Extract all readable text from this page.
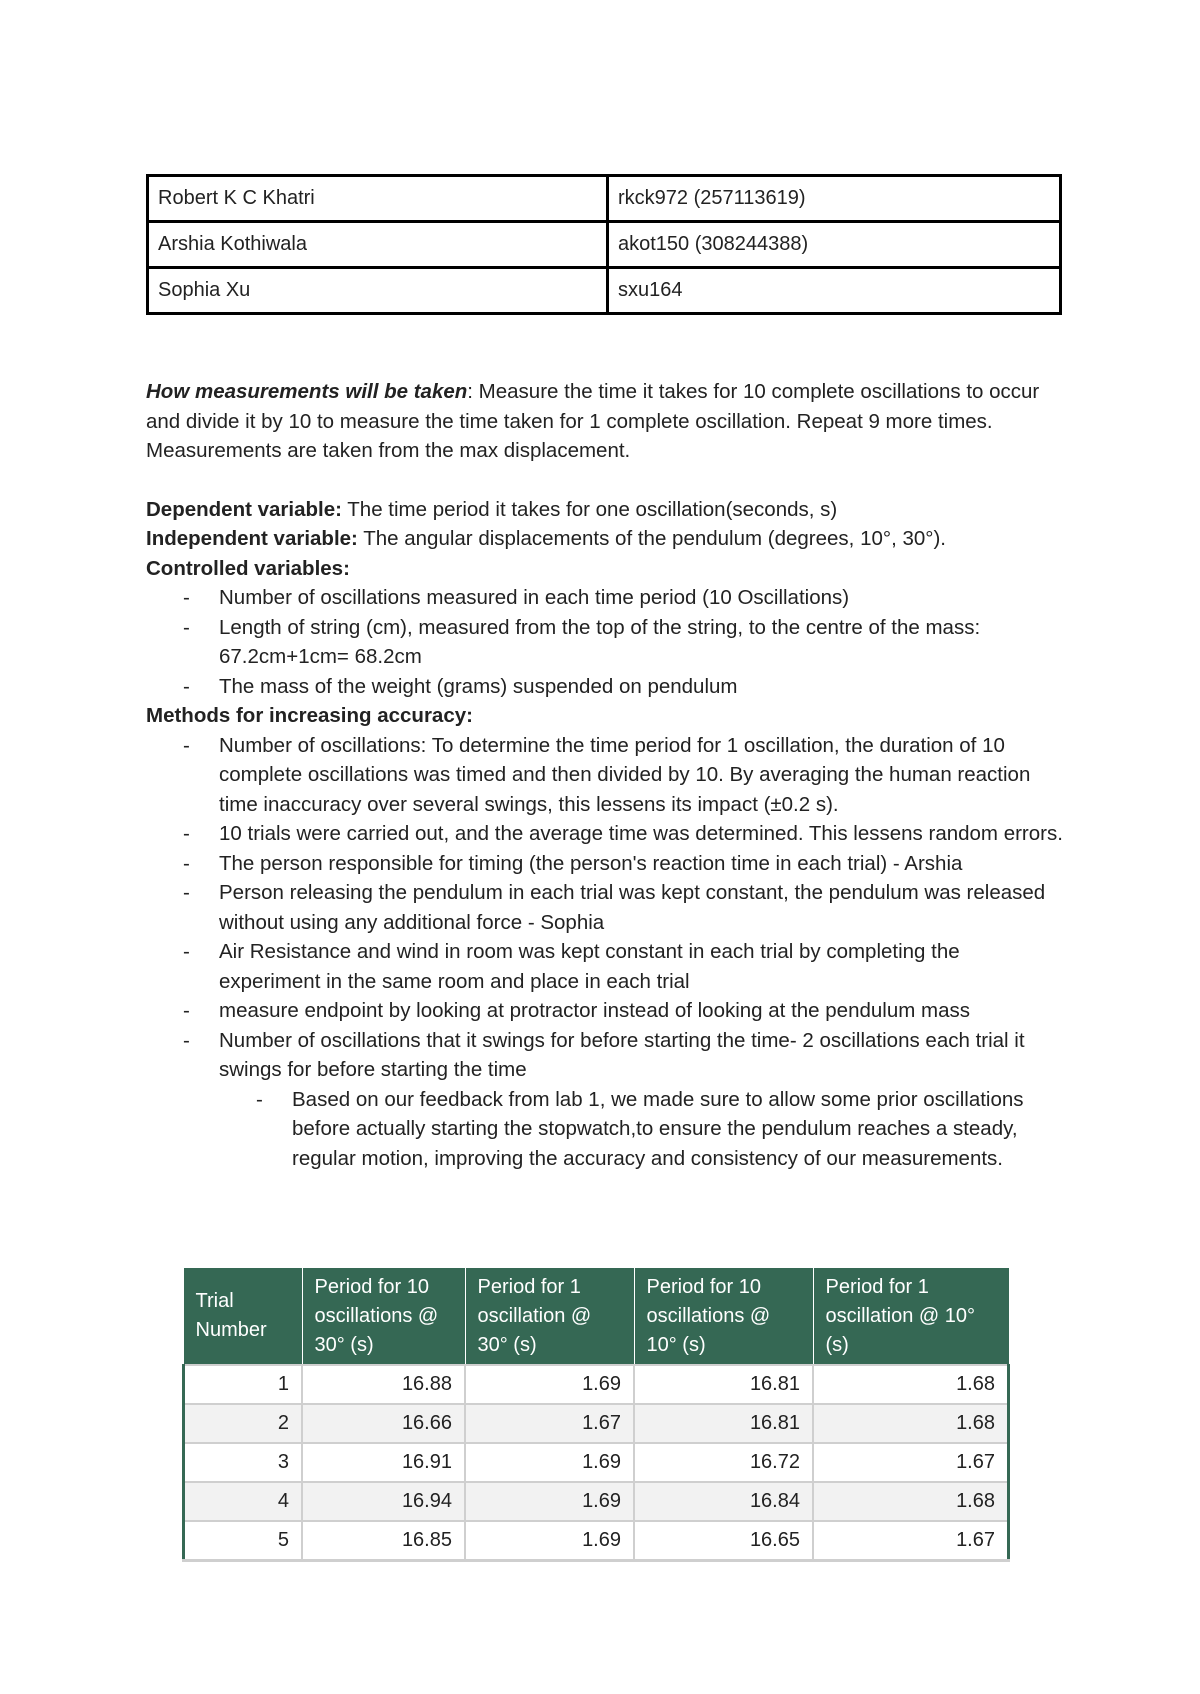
Robert K C Khatri	rkck972 (257113619)
Arshia Kothiwala	akot150 (308244388)
Sophia Xu	sxu164

How measurements will be taken: Measure the time it takes for 10 complete oscillations to occur and divide it by 10 to measure the time taken for 1 complete oscillation. Repeat 9 more times. Measurements are taken from the max displacement.

Dependent variable: The time period it takes for one oscillation(seconds, s)

Independent variable: The angular displacements of the pendulum (degrees, 10°, 30°).

Controlled variables:

- Number of oscillations measured in each time period (10 Oscillations)
- Length of string (cm), measured from the top of the string, to the centre of the mass: 67.2cm+1cm= 68.2cm
- The mass of the weight (grams) suspended on pendulum

Methods for increasing accuracy:

- Number of oscillations: To determine the time period for 1 oscillation, the duration of 10 complete oscillations was timed and then divided by 10. By averaging the human reaction time inaccuracy over several swings, this lessens its impact (±0.2 s).
- 10 trials were carried out, and the average time was determined. This lessens random errors.
- The person responsible for timing (the person's reaction time in each trial) - Arshia
- Person releasing the pendulum in each trial was kept constant, the pendulum was released without using any additional force - Sophia
- Air Resistance and wind in room was kept constant in each trial by completing the experiment in the same room and place in each trial
- measure endpoint by looking at protractor instead of looking at the pendulum mass
- Number of oscillations that it swings for before starting the time- 2 oscillations each trial it swings for before starting the time
- Based on our feedback from lab 1, we made sure to allow some prior oscillations before actually starting the stopwatch,to ensure the pendulum reaches a steady, regular motion, improving the accuracy and consistency of our measurements.
Trial Number	Period for 10 oscillations @ 30° (s)	Period for 1 oscillation @ 30° (s)	Period for 10 oscillations @ 10° (s)	Period for 1 oscillation @ 10° (s)
1	16.88	1.69	16.81	1.68
2	16.66	1.67	16.81	1.68
3	16.91	1.69	16.72	1.67
4	16.94	1.69	16.84	1.68
5	16.85	1.69	16.65	1.67
